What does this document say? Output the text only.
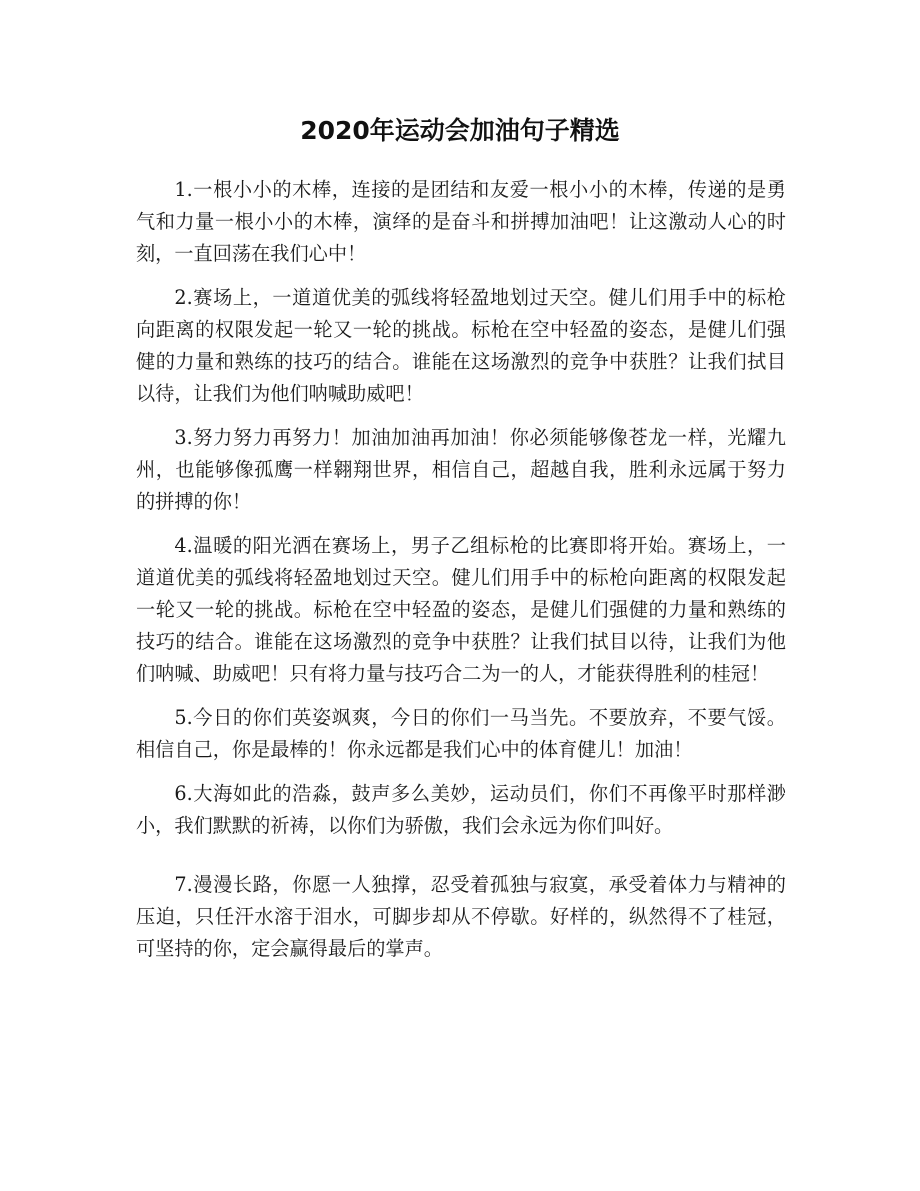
2020年运动会加油句子精选

1.一根小小的木棒，连接的是团结和友爱一根小小的木棒，传递的是勇气和力量一根小小的木棒，演绎的是奋斗和拼搏加油吧！让这激动人心的时刻，一直回荡在我们心中！

2.赛场上，一道道优美的弧线将轻盈地划过天空。健儿们用手中的标枪向距离的权限发起一轮又一轮的挑战。标枪在空中轻盈的姿态，是健儿们强健的力量和熟练的技巧的结合。谁能在这场激烈的竞争中获胜？让我们拭目以待，让我们为他们呐喊助威吧！

3.努力努力再努力！加油加油再加油！你必须能够像苍龙一样，光耀九州，也能够像孤鹰一样翱翔世界，相信自己，超越自我，胜利永远属于努力的拼搏的你！

4.温暖的阳光洒在赛场上，男子乙组标枪的比赛即将开始。赛场上，一道道优美的弧线将轻盈地划过天空。健儿们用手中的标枪向距离的权限发起一轮又一轮的挑战。标枪在空中轻盈的姿态，是健儿们强健的力量和熟练的技巧的结合。谁能在这场激烈的竞争中获胜？让我们拭目以待，让我们为他们呐喊、助威吧！只有将力量与技巧合二为一的人，才能获得胜利的桂冠！

5.今日的你们英姿飒爽，今日的你们一马当先。不要放弃，不要气馁。相信自己，你是最棒的！你永远都是我们心中的体育健儿！加油！

6.大海如此的浩淼，鼓声多么美妙，运动员们，你们不再像平时那样渺小，我们默默的祈祷，以你们为骄傲，我们会永远为你们叫好。

7.漫漫长路，你愿一人独撑，忍受着孤独与寂寞，承受着体力与精神的压迫，只任汗水溶于泪水，可脚步却从不停歇。好样的，纵然得不了桂冠，可坚持的你，定会赢得最后的掌声。
